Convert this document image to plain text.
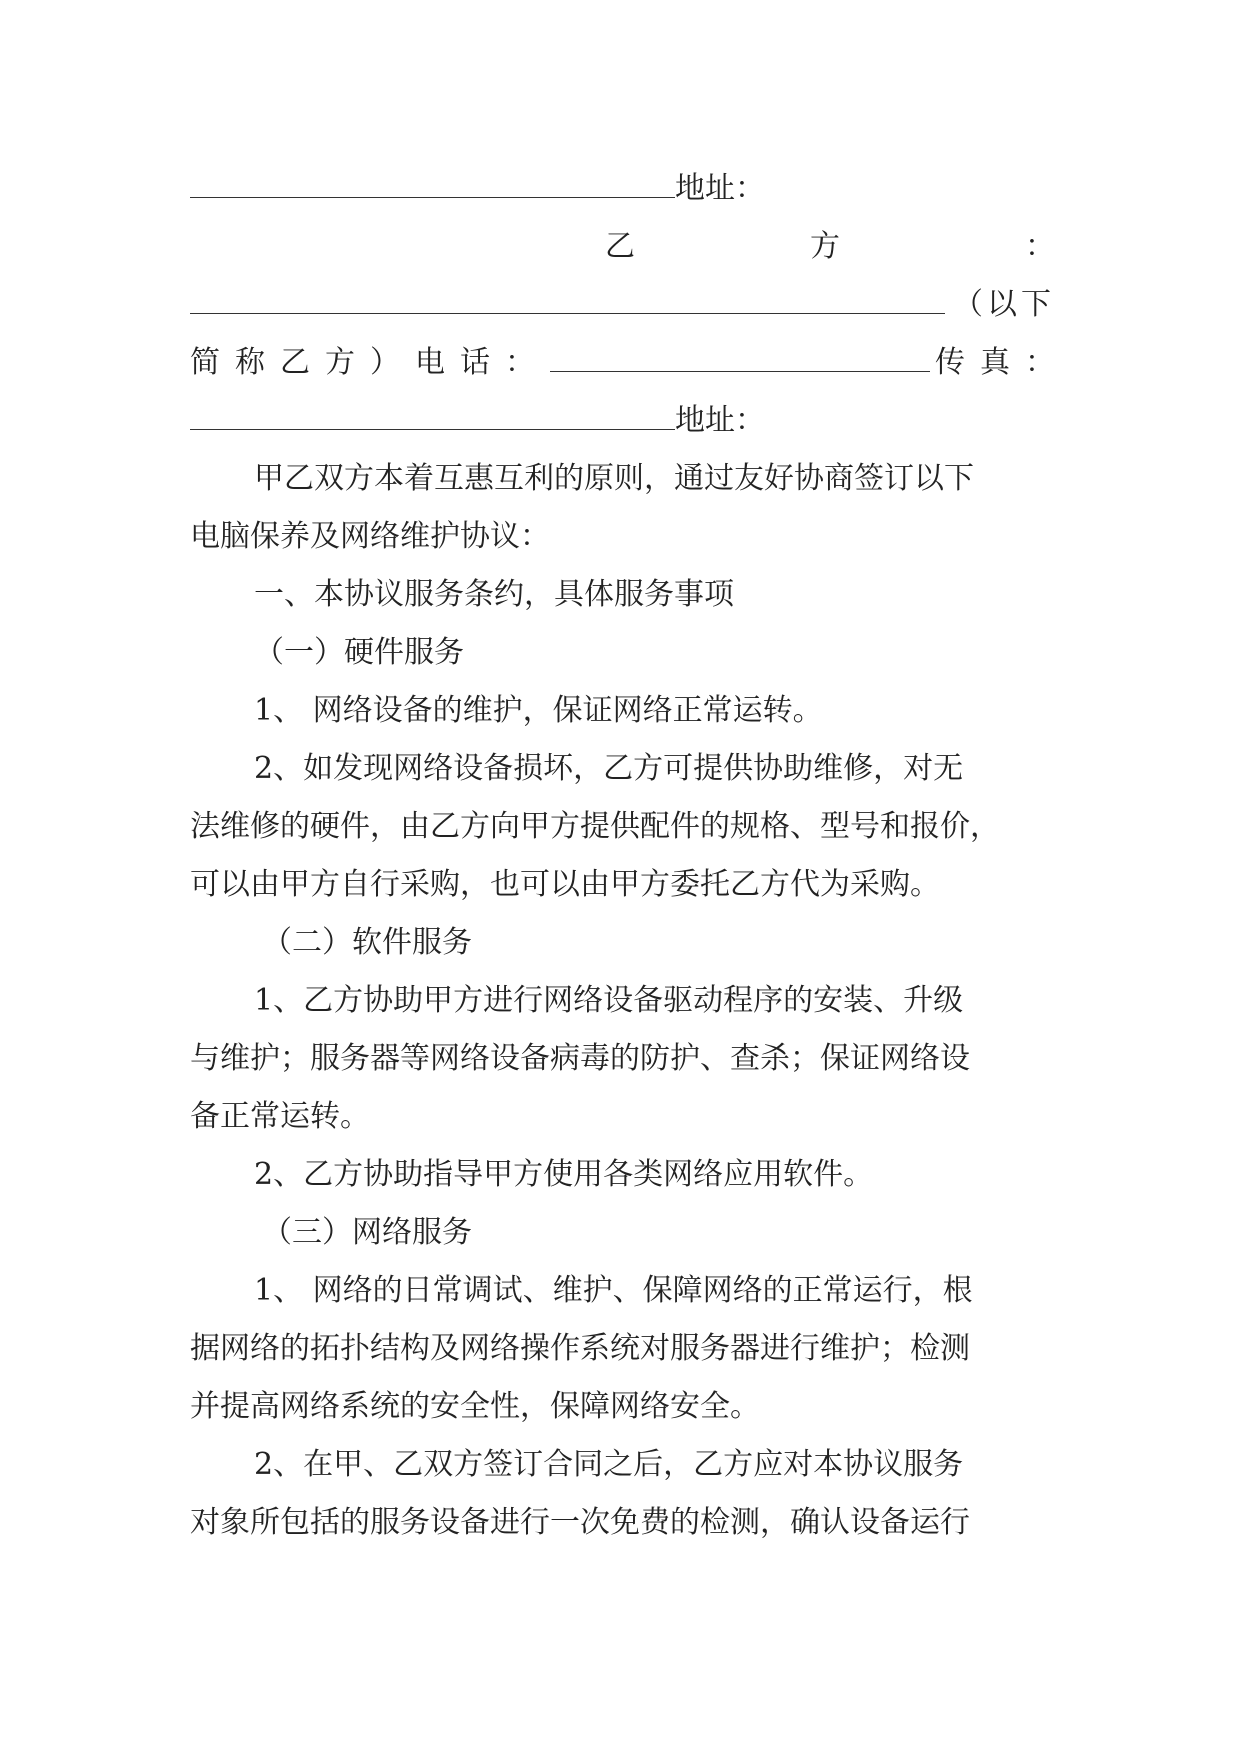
地址：
乙	方	：
（以下
简称乙方）电话：	传真：
地址：
甲乙双方本着互惠互利的原则，通过友好协商签订以下
电脑保养及网络维护协议：
一、本协议服务条约，具体服务事项
（一）硬件服务
1、 网络设备的维护，保证网络正常运转。
2、如发现网络设备损坏，乙方可提供协助维修，对无
法维修的硬件，由乙方向甲方提供配件的规格、型号和报价，
可以由甲方自行采购，也可以由甲方委托乙方代为采购。
（二）软件服务
1、乙方协助甲方进行网络设备驱动程序的安装、升级
与维护；服务器等网络设备病毒的防护、查杀；保证网络设
备正常运转。
2、乙方协助指导甲方使用各类网络应用软件。
（三）网络服务
1、 网络的日常调试、维护、保障网络的正常运行，根
据网络的拓扑结构及网络操作系统对服务器进行维护；检测
并提高网络系统的安全性，保障网络安全。
2、在甲、乙双方签订合同之后，乙方应对本协议服务
对象所包括的服务设备进行一次免费的检测，确认设备运行
